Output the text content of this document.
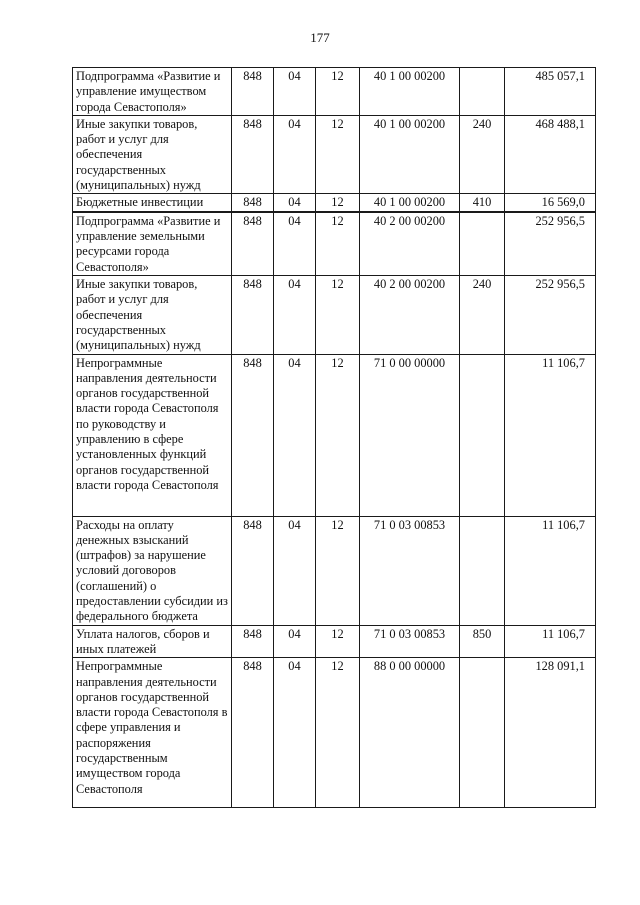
177
Подпрограмма «Развитие и управление имуществом города Севастополя»	848	04	12	40 1 00 00200		485 057,1
Иные закупки товаров, работ и услуг для обеспечения государственных (муниципальных) нужд	848	04	12	40 1 00 00200	240	468 488,1
Бюджетные инвестиции	848	04	12	40 1 00 00200	410	16 569,0
Подпрограмма «Развитие и управление земельными ресурсами города Севастополя»	848	04	12	40 2 00 00200		252 956,5
Иные закупки товаров, работ и услуг для обеспечения государственных (муниципальных) нужд	848	04	12	40 2 00 00200	240	252 956,5
Непрограммные направления деятельности органов государственной власти города Севастополя по руководству и управлению в сфере установленных функций органов государственной власти города Севастополя	848	04	12	71 0 00 00000		11 106,7
Расходы на оплату денежных взысканий (штрафов) за нарушение условий договоров (соглашений) о предоставлении субсидии из федерального бюджета	848	04	12	71 0 03 00853		11 106,7
Уплата налогов, сборов и иных платежей	848	04	12	71 0 03 00853	850	11 106,7
Непрограммные направления деятельности органов государственной власти города Севастополя в сфере управления и распоряжения государственным имуществом города Севастополя	848	04	12	88 0 00 00000		128 091,1
